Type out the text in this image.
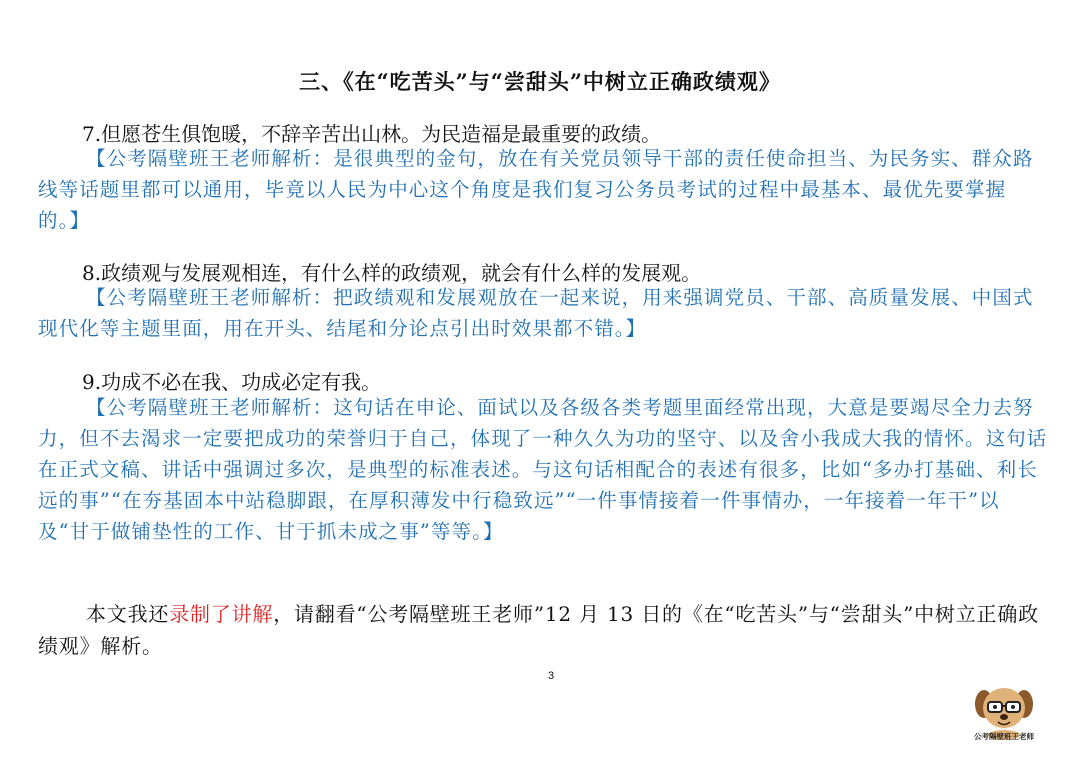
三、《在“吃苦头”与“尝甜头”中树立正确政绩观》
7.但愿苍生俱饱暖，不辞辛苦出山林。为民造福是最重要的政绩。
【公考隔壁班王老师解析：是很典型的金句，放在有关党员领导干部的责任使命担当、为民务实、群众路线等话题里都可以通用，毕竟以人民为中心这个角度是我们复习公务员考试的过程中最基本、最优先要掌握的。】
8.政绩观与发展观相连，有什么样的政绩观，就会有什么样的发展观。
【公考隔壁班王老师解析：把政绩观和发展观放在一起来说，用来强调党员、干部、高质量发展、中国式现代化等主题里面，用在开头、结尾和分论点引出时效果都不错。】
9.功成不必在我、功成必定有我。
【公考隔壁班王老师解析：这句话在申论、面试以及各级各类考题里面经常出现，大意是要竭尽全力去努力，但不去渴求一定要把成功的荣誉归于自己，体现了一种久久为功的坚守、以及舍小我成大我的情怀。这句话在正式文稿、讲话中强调过多次，是典型的标准表述。与这句话相配合的表述有很多，比如“多办打基础、利长远的事”“在夯基固本中站稳脚跟，在厚积薄发中行稳致远”“一件事情接着一件事情办，一年接着一年干”以及“甘于做铺垫性的工作、甘于抓未成之事”等等。】
本文我还录制了讲解，请翻看“公考隔壁班王老师”12 月 13 日的《在“吃苦头”与“尝甜头”中树立正确政绩观》解析。
3
公考隔壁班王老师
